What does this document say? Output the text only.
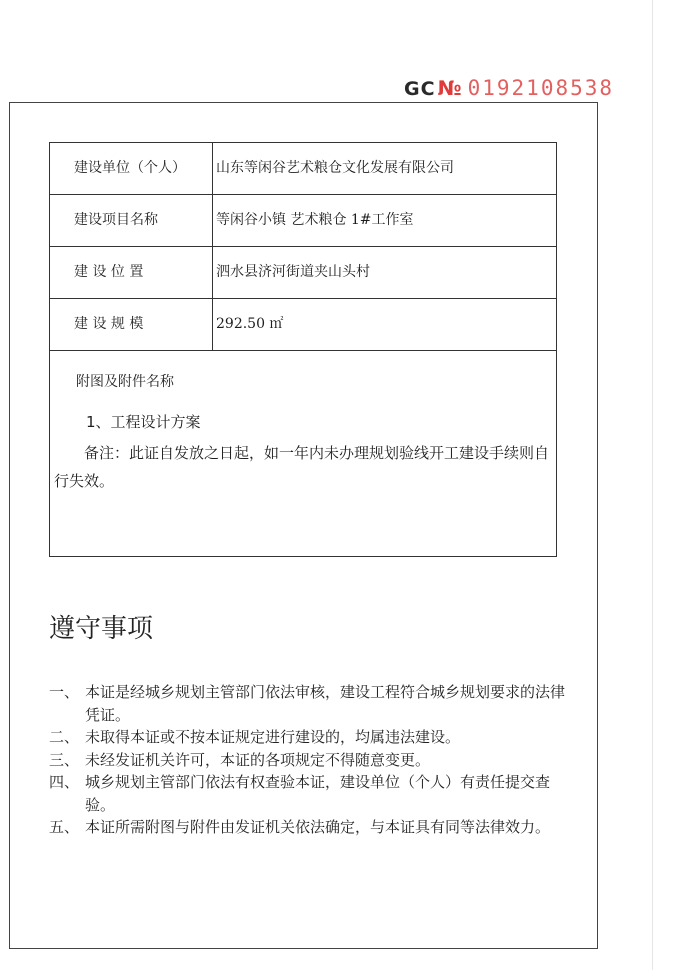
GC № 0192108538
建设单位（个人）	山东等闲谷艺术粮仓文化发展有限公司
建设项目名称	等闲谷小镇 艺术粮仓 1#工作室
建 设 位 置	泗水县济河街道夹山头村
建 设 规 模	292.50 ㎡
附图及附件名称
1、工程设计方案
备注：此证自发放之日起，如一年内未办理规划验线开工建设手续则自行失效。
遵守事项
一、 本证是经城乡规划主管部门依法审核，建设工程符合城乡规划要求的法律凭证。
二、 未取得本证或不按本证规定进行建设的，均属违法建设。
三、 未经发证机关许可，本证的各项规定不得随意变更。
四、 城乡规划主管部门依法有权查验本证，建设单位（个人）有责任提交查验。
五、 本证所需附图与附件由发证机关依法确定，与本证具有同等法律效力。
